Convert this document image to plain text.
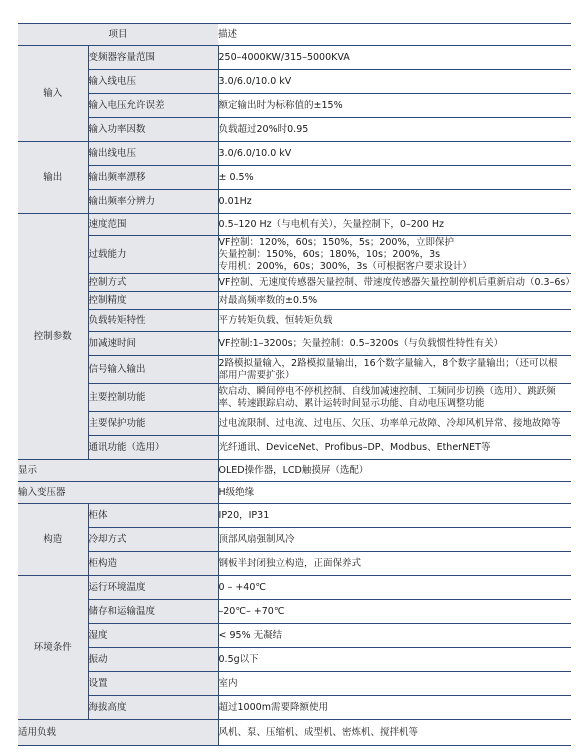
项目		描述
输入	变频器容量范围	250–4000KW/315–5000KVA
	输入线电压	3.0/6.0/10.0 kV
	输入电压允许误差	额定输出时为标称值的±15%
	输入功率因数	负载超过20%时0.95
输出	输出线电压	3.0/6.0/10.0 kV
	输出频率漂移	± 0.5%
	输出频率分辨力	0.01Hz
控制参数	速度范围	0.5–120 Hz（与电机有关），矢量控制下，0–200 Hz
	过载能力	VF控制：120%，60s；150%，5s；200%，立即保护
矢量控制：150%，60s；180%，10s；200%，3s
专用机：200%，60s；300%，3s（可根据客户要求设计）

	控制方式	VF控制、无速度传感器矢量控制、带速度传感器矢量控制停机后重新启动（0.3–6s）
	控制精度	对最高频率数的±0.5%
	负载转矩特性	平方转矩负载、恒转矩负载
	加减速时间	VF控制:1–3200s；矢量控制：0.5–3200s（与负载惯性特性有关）
	信号输入输出	2路模拟量输入，2路模拟量输出，16个数字量输入，8个数字量输出；（还可以根
部用户需要扩张）

	主要控制功能	软启动、瞬间停电不停机控制、自线加减速控制、工频同步切换（选用）、跳跃频
率、转速跟踪启动、累计运转时间显示功能、自动电压调整功能

	主要保护功能	过电流限制、过电流、过电压、欠压、功率单元故障、冷却风机异常、接地故障等
	通讯功能（选用）	光纤通讯、DeviceNet、Profibus–DP、Modbus、EtherNET等
显示		OLED操作器，LCD触摸屏（选配）
输入变压器		H级绝缘
构造	柜体	IP20，IP31
	冷却方式	顶部风扇强制风冷
	柜构造	钢板半封闭独立构造，正面保养式
环境条件	运行环境温度	0 – +40℃
	储存和运输温度	–20℃– +70℃
	湿度	< 95% 无凝结
	振动	0.5g以下
	设置	室内
	海拔高度	超过1000m需要降额使用
适用负载		风机、泵、压缩机、成型机、密炼机、搅拌机等
